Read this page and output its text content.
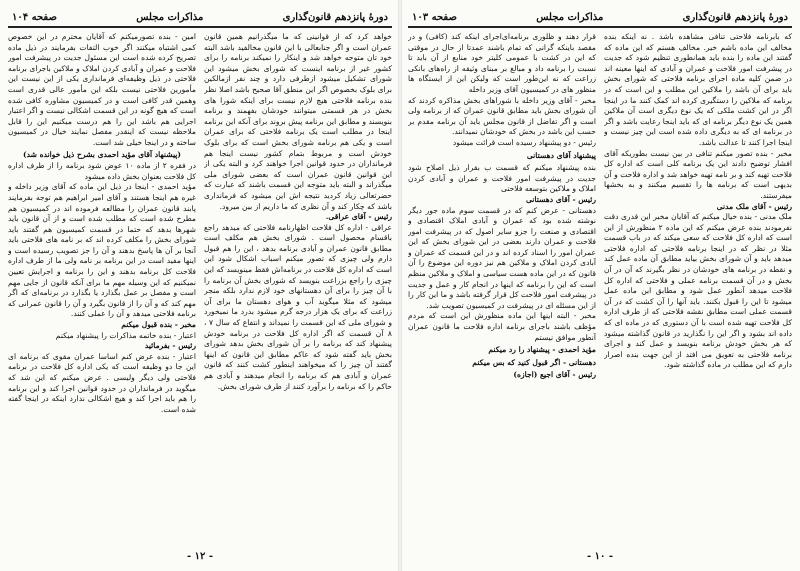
دورهٔ پانزدهم قانون‌گذاری
مذاکرات مجلس
صفحه ۱۰۴

خواهد کرد که از قوانینی که ما میگذرانیم همین قانون عمران است و اگر جنابعالی با این قانون مخالفید باشد البته خود تان متوجه خواهد شد و اینکار را نمیکند برنامه را برای کشور غیر از برنامه اینست که شورای بخش میشود این شورای تشکیل میشود ازطرفی دارد و چند نفر ازمالکین برای بلوک بخصوص اگر این منطق آقا صحیح باشد اصلا نظر بنده برنامه فلاحتی هیچ لازم نیست برای اینکه شورا های بخش در هر قسمتی میتوانند خودشان بفهمند و برنامه بنویسند و مطابق این برنامه پیش بروند برای آنکه این برنامه اینجا در مطلب است یک برنامه فلاحتی که برای عمران است و یکی هم برنامه شورای بخش است که برای بلوک خودش است و مربوط بتمام کشور نیست اینجا هم فرمانداران در حدود قوانین اجرا خواهند کرد و البته یکی از این قوانین قانون عمران است که بعضی شورای ملی میگذراند و البته باید متوجه این قسمت باشند که عبارت که حضرتعالی زیاد کردید نتیجه اش این میشود که فرمانداری باشد که چکار کند و آن نظری که ما داریم از بین میرود.

رئیس - آقای عراقی.

عراقی - اداره کل فلاحت اظهارنامه فلاحتی که میدهد راجع باقسام محصول است . شورای بخش هم مکلف است مطابق قانون عمران و آبادی برنامه بدهد ، این را هم قبول دارم ولی چیزی که تصور میکنم اسباب اشکال شود این است که اداره کل فلاحت در برنامه‌اش فقط مینویسد که این چیزی را راجع بزراعت بنویسد که شورای بخش آن برنامه را با آن چیز را برای آن دهستانهای خود لازم ندارد بلکه منجر میشود که مثلا میگوید آب و هوای دهستان ما برای آن زراعت که برای یک هزار درجه گرم میشود بدرد ما نمیخورد و شورای ملی که این قسمت را نمیداند و انتفاع که سال ۷ ، ۸ آن قسمت که اگر اداره کل فلاحت در برنامه خودش پیشنهاد کند که برنامه را بر آن شورای بخش بدهد شورای بخش باید گفته شود که عاکم مطابق این قانون که اینها گفتند آن چیز را که میخواهند اینطور کشت کنند که قانون عمران و آبادی هم که برنامه را انجام میدهند و آبادی هم حاکم را که برنامه را برآورد کنند از طرف شورای بخش.

امین - بنده تصورمیکنم که آقایان محترم در این خصوص کمی اشتباه میکنند اگر خوب التفات بفرمایند در ذیل ماده تصریح کرده شده است این مسئول جدیت در پیشرفت امور فلاحت و عمران و آبادی کردن املاک و ملاکین باجرای برنامه فلاحتی در ذیل وظیفه‌ای فرمانداری یکی از این نیست این مأمورین فلاحتی نیست بلکه این مأمور عالی قدری است وهمین قدر کافی است و در کمیسیون مشاوره کافی شده است که هیچ گونه در این قسمت اشکالی نیست و اگر اعتبار اجرایی هم باشد این را هم درست میکنیم این را قابل ملاحظه نیست که اینقدر مفصل نمایند خیال در کمیسیون ساخته و در اینجا خیلی شد است.

(پیشنهاد آقای مؤید احمدی بشرح ذیل خوانده شد)

در فقره ۲ از ماده ۱۰ عوض شود برنامه را از طرف اداره کل فلاحت بعنوان بخش داده میشود

مؤید احمدی - اینجا در ذیل این ماده که آقای وزیر داخله و غیره هم اینجا هستند و آقای امیر ابراهیم هم توجه بفرمایند پابند قانون عمران را مطالعه فرموده اند در کمیسیون هم مطرح شده است که مطلب شده است و از آن قانون باید شهرها بدهد که حتما در قسمت کمیسیون هم گفتند باید شورای بخش را مکلف کرده اند که بر نامه های فلاحتی باید آنجا بر آن ها پاسخ بدهند و آن را جز تصویب رسیده است و اینها مفید است در این برنامه بر نامه ولی ما از طرف اداره فلاحت کل برنامه بدهند و این را برنامه و اجرایش تعیین نمیکنیم که این وسیله مهم ما برای آنکه قانون از جایی مهم است و مفصل بر عمل بگذارد یا بگذارد در برنامه‌ای که اگر مهم کند که و آن را از قانون بگیرد و آن را قانون عمرانی که برنامه فلاحتی میدهد و آن را عملی کنند.

مخبر - بنده قبول میکنم

اعتبار - بنده خاتمه مذاکرات را پیشنهاد میکنم

رئیس - بفرمائید

اعتبار - بنده عرض کنم اساسا عمران مقوی که برنامه ای این جا دو وظیفه است که یکی اداره کل فلاحت در برنامه فلاحتی ولی دیگر ولیسی . عرض میکنم که این شد که میگوید در فرمانداران در حدود قوانین اجرا کند و این برنامه را هم باید اجرا کند و هیچ اشکالی ندارد اینکه در اینجا گفته شده است.

- ۱۲ -
دورهٔ پانزدهم قانون‌گذاری
مذاکرات مجلس
صفحه ۱۰۳

که بابرنامه فلاحتی تنافی مشاهده باشد . نه اینکه بنده مخالف این ماده باشم خیر. مخالف هستم که این ماده که گفتند این ماده را بنده باید همانطوری تنظیم شود که جدیت در پیشرفت امور فلاحت و عمران و آبادی که اینها معینه اند در ضمن کلیه ماده اجرای برنامه فلاحتی که شورای بخش باید برای آن باشد را ملاکین این مطلب و این است که در برنامه که ملاکین را دستگیری کرده اند کمک کنند ما در اینجا اگر در این کشت ملکی که یک نوع دیگری است آن ملاکین همین یک نوع دیگر برنامه ای که باید اینجا رعایت باشد و اگر در برنامه ای که به دیگری داده شده است این چیز نیست و اینجا اجرا کنند تا عدالت باشد.

مخبر - بنده تصور میکنم تنافی در بین نیست بطوریکه آقای افشار توضیح دادند این یک برنامه کلی است که اداره کل فلاحت تهیه کند و بر نامه تهیه خواهد شد و اداره فلاحت و آن بدیهی است که برنامه ها را تقسیم میکنند و به بخشها میفرستند.

رئیس - آقای ملک مدنی

ملک مدنی - بنده خیال میکنم که آقایان مخبر این قدری دقت نفرمودند بنده عرض میکنم که این ماده ۲ منظورش از این است که اداره کل فلاحت که سعی میکند که در باب قسمت مثلا در نظر که در اینجا برنامه فلاحتی که اداره فلاحتی میدهد باید و آن شورای بخش بیاید مطابق آن ماده عمل کند و نقطه در برنامه های خودشان در نظر بگیرند که آن در آن بخش و در آن قسمت برنامه عملی و فلاحتی که اداره کل فلاحت میدهد آنطور عمل شود و مطابق این ماده عمل میشود تا این را قبول بکنند. باید آنها را آن کشت که در آن قسمت عملی است مطابق نقشه فلاحتی که از طرف اداره کل فلاحت تهیه شده است با آن دستوری که در ماده ای که داده اند بشود و اگر این را نگذارید در قانون گذاشته میشود که هر بخش خودش برنامه بنویسد و عمل کند و اجرای برنامه فلاحتی به تعویق می افتد از این جهت بنده اصرار دارم که این مطلب در ماده گذاشته شود.

قرار دهند و ظلوری برنامه‌ای‌اجرای اینکه کند (کافی) و در مقصد باینکه گرانی که تمام باشند عمدتا از حال در موقتی که این در کشت با عمومی کلیتر خود منابع‌ از ‌آن باید‌ تا نسبت را برنامه داد و مبالغ بر مبنای وثیقه از راه‌های بانکی زراعت که نه این‌طور است که ولیکن این از ایستگاه‌ ها منظور ‌های در کمیسیون آقای وزیر داخله

مخبر - آقای وزیر داخله با شوراهای بخش مذاکره کردند که آن شورای بخش باید مطابق قانون عمران که از برنامه ولی است و اگر تفاضل از قانون مجلس باید آن برنامه مقدم بر حسب این باشد در بخش که خودشان نمیدانند.

رئیس - دو پیشنهاد رسیده است قرائت میشود

پیشنهاد آقای دهستانی

بنده پیشنهاد میکنم که قسمت ب بقرار ذیل اصلاح شود جدیت در پیشرفت امور فلاحت و عمران و آبادی کردن املاک و ملاکین بتوسعه فلاحتی

رئیس - آقای دهستانی

دهستانی - عرض کنم که در قسمت سوم ماده جور دیگر نوشته شده بود که عمران و آبادی املاک اقتصادی و اقتصادی و صنعت را جزو سایر اصول که در پیشرفت امور فلاحت و عمران دارند بعضی در این شورای بخش که این عمران امور را اسناد کرده اند و در این قسمت که عمران و آبادی کردن املاک و ملاکین هم نیز دوره این موضوع را آن قانون که در این ماده هست سیاسی و املاک و ملاکین منظم است که این را برنامه که اینها در انجام کار و عمل و جدیت در پیشرفت امور فلاحت کل قرار گرفته باشد و ما این کار را از این مسئله ای در پیشرفت در کمیسیون تصویب شد.

مخبر - البته اینها این ماده منظورش این است که مردم مؤظف باشند باجرای برنامه اداره فلاحت ما قانون عمران آنطور موافق نیستم

مؤید احمدی - پیشنهاد را رد میکنم

دهستانی - اگر قبول کنید که بس میکنم

رئیس - آقای اجیع (اجازه)

- ۱۰ -
